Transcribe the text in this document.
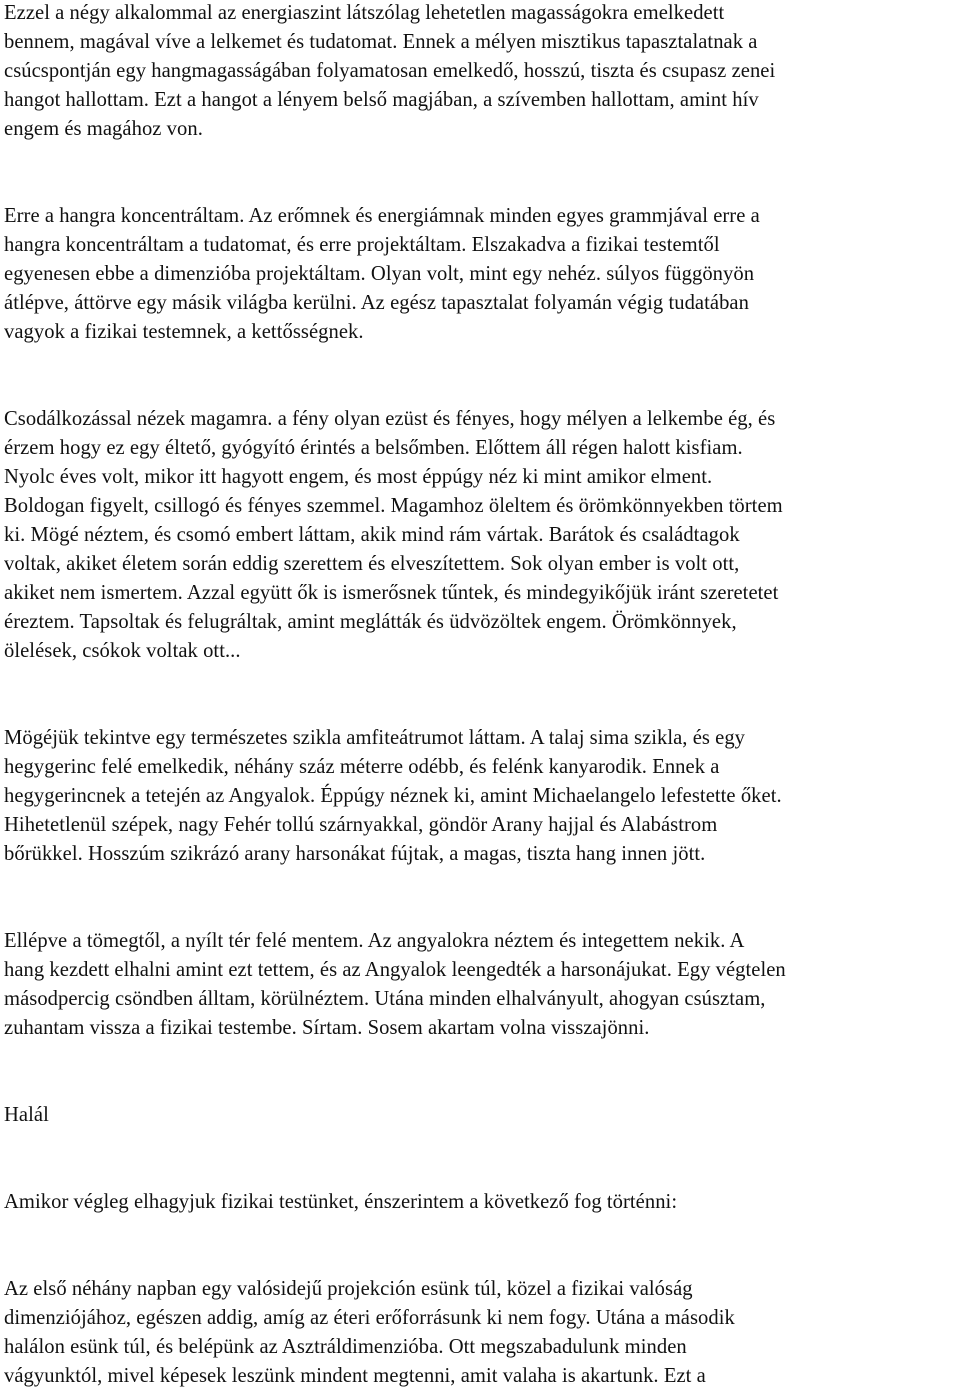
Ezzel a négy alkalommal az energiaszint látszólag lehetetlen magasságokra emelkedett
bennem, magával víve a lelkemet és tudatomat. Ennek a mélyen misztikus tapasztalatnak a
csúcspontján egy hangmagasságában folyamatosan emelkedő, hosszú, tiszta és csupasz zenei
hangot hallottam. Ezt a hangot a lényem belső magjában, a szívemben hallottam, amint hív
engem és magához von.

Erre a hangra koncentráltam. Az erőmnek és energiámnak minden egyes grammjával erre a
hangra koncentráltam a tudatomat, és erre projektáltam. Elszakadva a fizikai testemtől
egyenesen ebbe a dimenzióba projektáltam. Olyan volt, mint egy nehéz. súlyos függönyön
átlépve, áttörve egy másik világba kerülni. Az egész tapasztalat folyamán végig tudatában
vagyok a fizikai testemnek, a kettősségnek.

Csodálkozással nézek magamra. a fény olyan ezüst és fényes, hogy mélyen a lelkembe ég, és
érzem hogy ez egy éltető, gyógyító érintés a belsőmben. Előttem áll régen halott kisfiam.
Nyolc éves volt, mikor itt hagyott engem, és most éppúgy néz ki mint amikor elment.
Boldogan figyelt, csillogó és fényes szemmel. Magamhoz öleltem és örömkönnyekben törtem
ki. Mögé néztem, és csomó embert láttam, akik mind rám vártak. Barátok és családtagok
voltak, akiket életem során eddig szerettem és elveszítettem. Sok olyan ember is volt ott,
akiket nem ismertem. Azzal együtt ők is ismerősnek tűntek, és mindegyikőjük iránt szeretetet
éreztem. Tapsoltak és felugráltak, amint meglátták és üdvözöltek engem. Örömkönnyek,
ölelések, csókok voltak ott...

Mögéjük tekintve egy természetes szikla amfiteátrumot láttam. A talaj sima szikla, és egy
hegygerinc felé emelkedik, néhány száz méterre odébb, és felénk kanyarodik. Ennek a
hegygerincnek a tetején az Angyalok. Éppúgy néznek ki, amint Michaelangelo lefestette őket.
Hihetetlenül szépek, nagy Fehér tollú szárnyakkal, göndör Arany hajjal és Alabástrom
bőrükkel. Hosszúm szikrázó arany harsonákat fújtak, a magas, tiszta hang innen jött.

Ellépve a tömegtől, a nyílt tér felé mentem. Az angyalokra néztem és integettem nekik. A
hang kezdett elhalni amint ezt tettem, és az Angyalok leengedték a harsonájukat. Egy végtelen
másodpercig csöndben álltam, körülnéztem. Utána minden elhalványult, ahogyan csúsztam,
zuhantam vissza a fizikai testembe. Sírtam. Sosem akartam volna visszajönni.

Halál

Amikor végleg elhagyjuk fizikai testünket, énszerintem a következő fog történni:

Az első néhány napban egy valósidejű projekción esünk túl, közel a fizikai valóság
dimenziójához, egészen addig, amíg az éteri erőforrásunk ki nem fogy. Utána a második
halálon esünk túl, és belépünk az Asztráldimenzióba. Ott megszabadulunk minden
vágyunktól, mivel képesek leszünk mindent megtenni, amit valaha is akartunk. Ezt a
